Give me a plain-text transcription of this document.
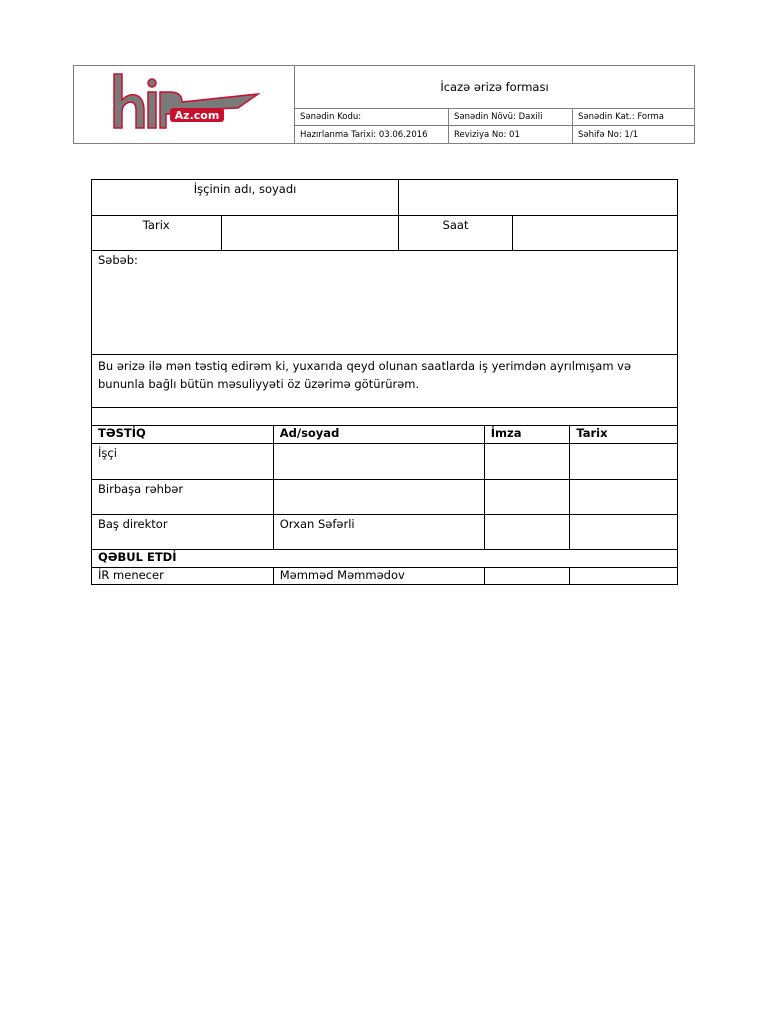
Az.com
İcazə ərizə forması
Sənədin Kodu:	Sənədin Növü: Daxili	Sənədin Kat.: Forma
Hazırlanma Tarixi: 03.06.2016	Reviziya No: 01	Səhifə No: 1/1
İşçinin adı, soyadı						
Tarix			Saat			
Səbəb:						
Bu ərizə ilə mən təstiq edirəm ki, yuxarıda qeyd olunan saatlarda iş yerimdən ayrılmışam və bununla bağlı bütün məsuliyyəti öz üzərimə götürürəm.						

TƏSTİQ		Ad/soyad		İmza		Tarix
İşçi						
Birbaşa rəhbər						
Baş direktor		Orxan Səfərli				
QƏBUL ETDİ						
İR menecer		Məmməd Məmmədov				
